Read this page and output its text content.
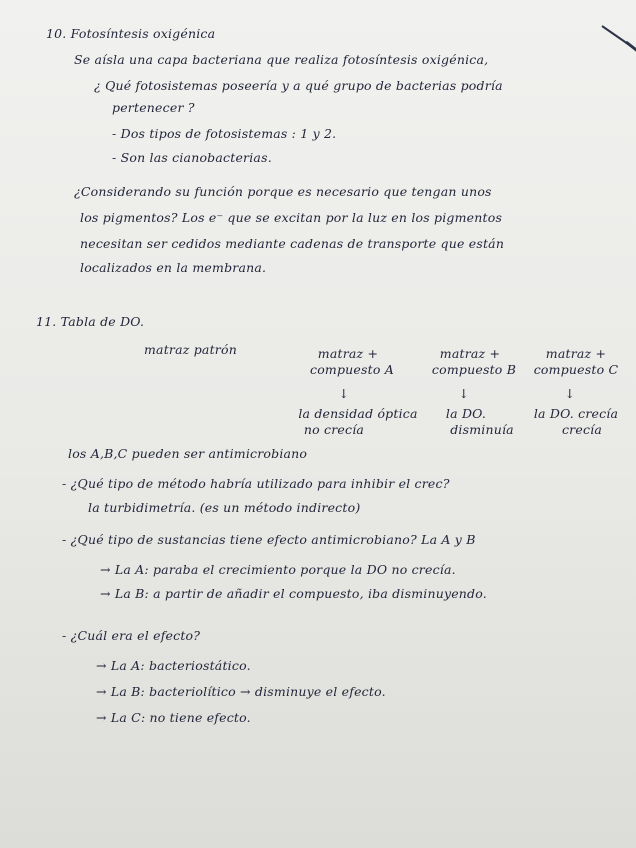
10. Fotosíntesis oxigénica
Se aísla una capa bacteriana que realiza fotosíntesis oxigénica,
¿ Qué fotosistemas poseería y a qué grupo de bacterias podría
pertenecer ?
- Dos tipos de fotosistemas : 1 y 2.
- Son las cianobacterias.
¿Considerando su función porque es necesario que tengan unos
los pigmentos? Los e⁻ que se excitan por la luz en los pigmentos
necesitan ser cedidos mediante cadenas de transporte que están
localizados en la membrana.
11. Tabla de DO.
matraz patrón	matraz +
compuesto A
↓
la densidad óptica
no crecía
matraz +
compuesto B
↓
la DO.
disminuía
matraz +
compuesto C
↓
la DO. crecía
crecía
los A,B,C pueden ser antimicrobiano
- ¿Qué tipo de método habría utilizado para inhibir el crec?
la turbidimetría. (es un método indirecto)
- ¿Qué tipo de sustancias tiene efecto antimicrobiano? La A y B
→ La A: paraba el crecimiento porque la DO no crecía.
→ La B: a partir de añadir el compuesto, iba disminuyendo.
- ¿Cuál era el efecto?
→ La A: bacteriostático.
→ La B: bacteriolítico → disminuye el efecto.
→ La C: no tiene efecto.
